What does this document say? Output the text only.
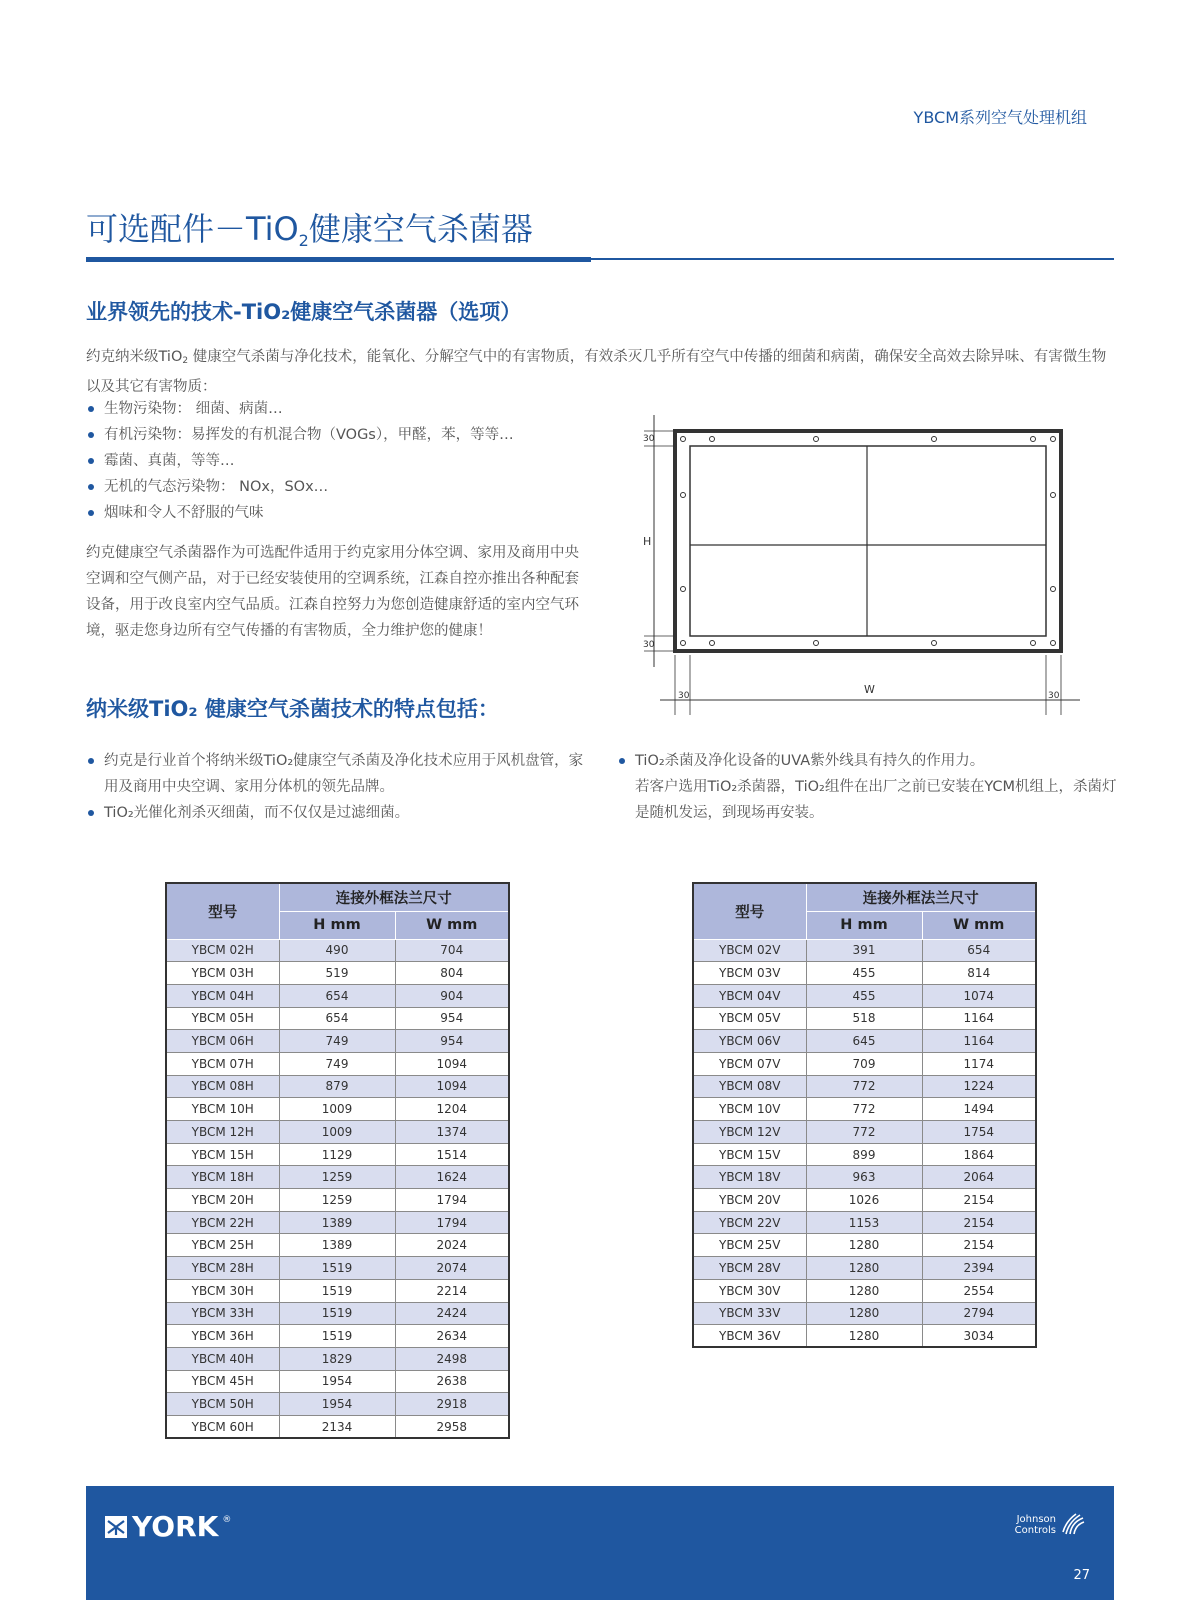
YBCM系列空气处理机组
可选配件－TiO$_2$健康空气杀菌器
业界领先的技术-TiO₂健康空气杀菌器（选项）

约克纳米级TiO$_2$ 健康空气杀菌与净化技术，能氧化、分解空气中的有害物质，有效杀灭几乎所有空气中传播的细菌和病菌，确保安全高效去除异味、有害微生物以及其它有害物质：

生物污染物： 细菌、病菌…
有机污染物：易挥发的有机混合物（VOGs），甲醛，苯，等等…
霉菌、真菌，等等…
无机的气态污染物： NOx，SOx…
烟味和令人不舒服的气味

约克健康空气杀菌器作为可选配件适用于约克家用分体空调、家用及商用中央空调和空气侧产品，对于已经安装使用的空调系统，江森自控亦推出各种配套设备，用于改良室内空气品质。江森自控努力为您创造健康舒适的室内空气环境，驱走您身边所有空气传播的有害物质，全力维护您的健康！

30
30
H
30	30
W
纳米级TiO₂ 健康空气杀菌技术的特点包括：
约克是行业首个将纳米级TiO₂健康空气杀菌及净化技术应用于风机盘管，家用及商用中央空调、家用分体机的领先品牌。
TiO₂光催化剂杀灭细菌，而不仅仅是过滤细菌。
TiO₂杀菌及净化设备的UVA紫外线具有持久的作用力。

若客户选用TiO₂杀菌器，TiO₂组件在出厂之前已安装在YCM机组上，杀菌灯是随机发运，到现场再安装。

型号	连接外框法兰尺寸	
	H mm	W mm
YBCM 02H	490	704
YBCM 03H	519	804
YBCM 04H	654	904
YBCM 05H	654	954
YBCM 06H	749	954
YBCM 07H	749	1094
YBCM 08H	879	1094
YBCM 10H	1009	1204
YBCM 12H	1009	1374
YBCM 15H	1129	1514
YBCM 18H	1259	1624
YBCM 20H	1259	1794
YBCM 22H	1389	1794
YBCM 25H	1389	2024
YBCM 28H	1519	2074
YBCM 30H	1519	2214
YBCM 33H	1519	2424
YBCM 36H	1519	2634
YBCM 40H	1829	2498
YBCM 45H	1954	2638
YBCM 50H	1954	2918
YBCM 60H	2134	2958
型号	连接外框法兰尺寸	
	H mm	W mm
YBCM 02V	391	654
YBCM 03V	455	814
YBCM 04V	455	1074
YBCM 05V	518	1164
YBCM 06V	645	1164
YBCM 07V	709	1174
YBCM 08V	772	1224
YBCM 10V	772	1494
YBCM 12V	772	1754
YBCM 15V	899	1864
YBCM 18V	963	2064
YBCM 20V	1026	2154
YBCM 22V	1153	2154
YBCM 25V	1280	2154
YBCM 28V	1280	2394
YBCM 30V	1280	2554
YBCM 33V	1280	2794
YBCM 36V	1280	3034
YORK ®	Johnson
Controls
27
